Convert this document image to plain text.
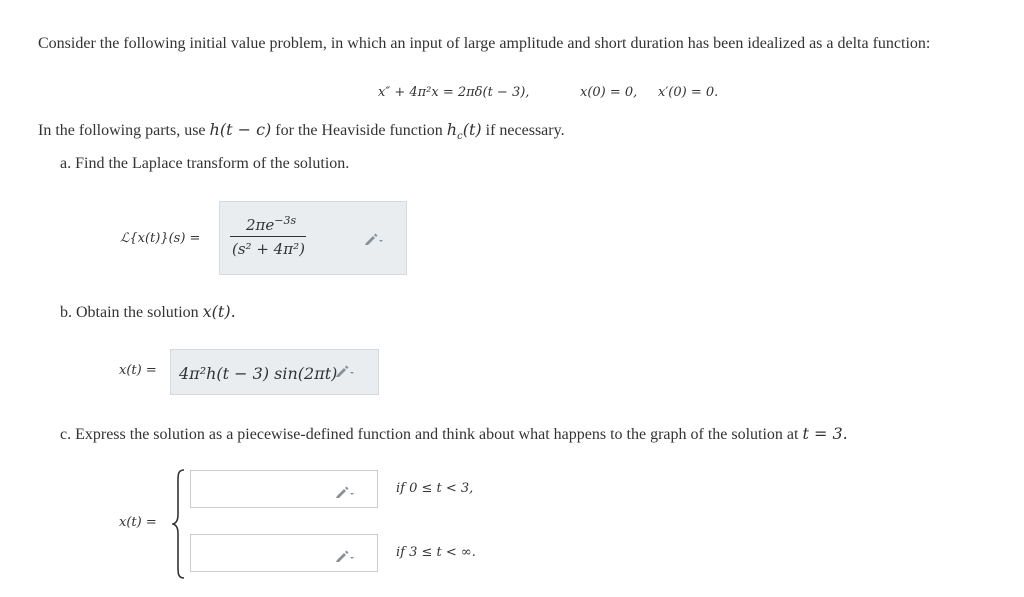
Consider the following initial value problem, in which an input of large amplitude and short duration has been idealized as a delta function:
x″ + 4π²x = 2πδ(t − 3),	x(0) = 0, x′(0) = 0.
In the following parts, use h(t − c) for the Heaviside function $h_c(t)$ if necessary.
a. Find the Laplace transform of the solution.
ℒ{x(t)}(s) =
$2\pi e^{-3s}$
(s² + 4π²)
b. Obtain the solution x(t).
x(t) = 4π²h(t − 3) sin(2πt)
c. Express the solution as a piecewise-defined function and think about what happens to the graph of the solution at t = 3.
x(t) =
if 0 ≤ t < 3,
if 3 ≤ t < ∞.
